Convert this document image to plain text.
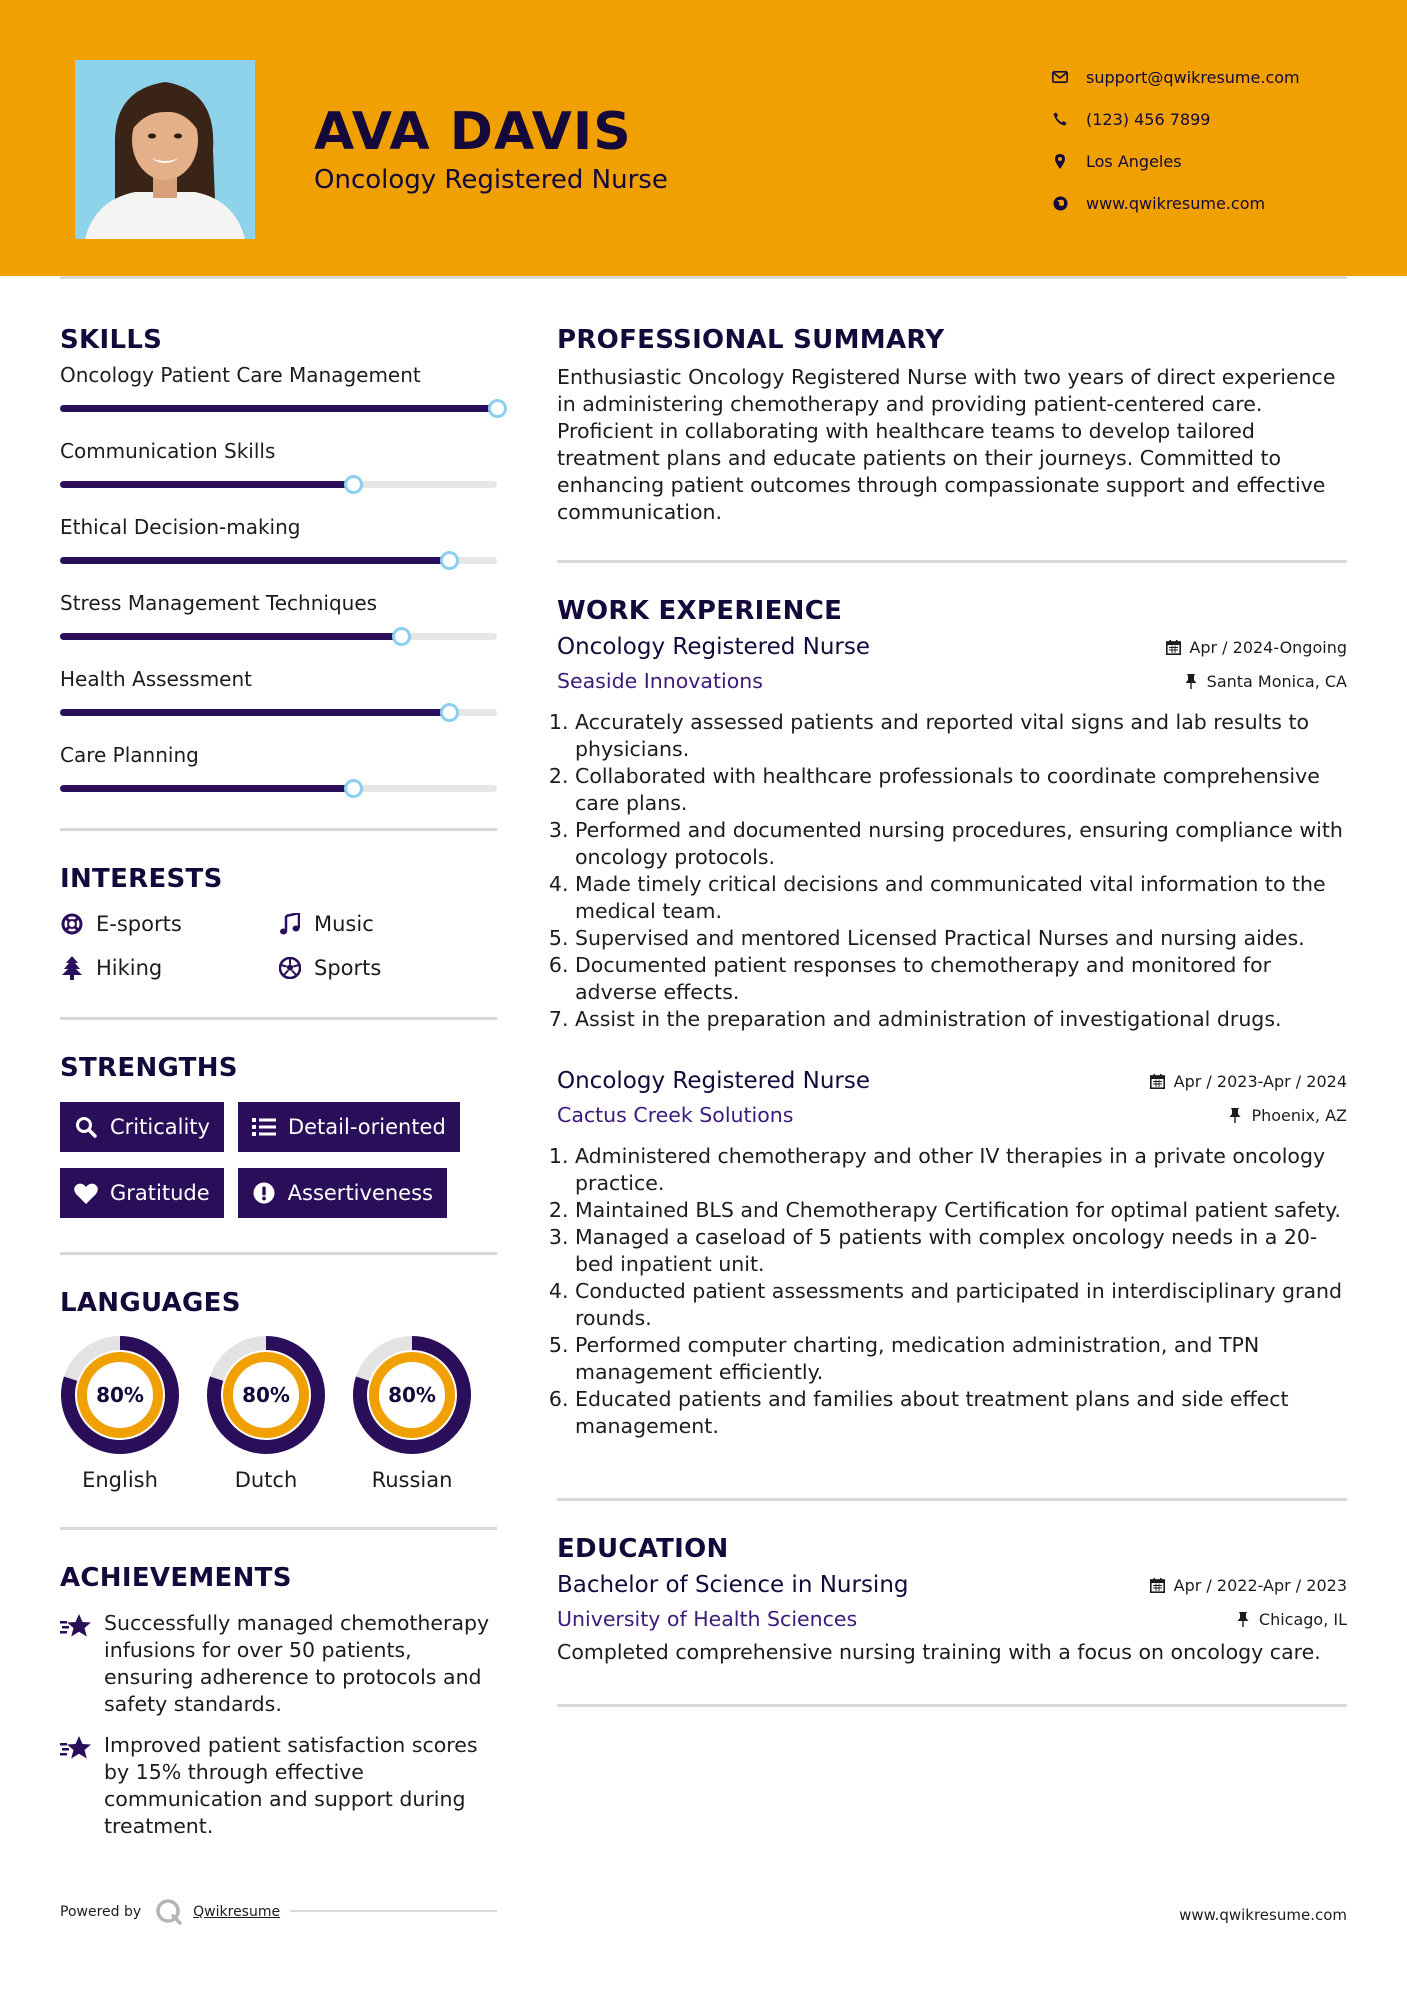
AVA DAVIS
Oncology Registered Nurse
support@qwikresume.com
(123) 456 7899
Los Angeles
www.qwikresume.com
SKILLS
Oncology Patient Care Management
Communication Skills
Ethical Decision-making
Stress Management Techniques
Health Assessment
Care Planning
INTERESTS
E-sports	Music
Hiking	Sports
STRENGTHS
Criticality	Detail-oriented
Gratitude	Assertiveness
LANGUAGES
80%
English
80%
Dutch
80%
Russian
ACHIEVEMENTS
Successfully managed chemotherapy infusions for over 50 patients, ensuring adherence to protocols and safety standards.
Improved patient satisfaction scores by 15% through effective communication and support during treatment.
PROFESSIONAL SUMMARY
Enthusiastic Oncology Registered Nurse with two years of direct experience in administering chemotherapy and providing patient-centered care. Proficient in collaborating with healthcare teams to develop tailored treatment plans and educate patients on their journeys. Committed to enhancing patient outcomes through compassionate support and effective communication.
WORK EXPERIENCE
Oncology Registered Nurse	Apr / 2024-Ongoing
Seaside Innovations	Santa Monica, CA
1. Accurately assessed patients and reported vital signs and lab results to physicians.
2. Collaborated with healthcare professionals to coordinate comprehensive care plans.
3. Performed and documented nursing procedures, ensuring compliance with oncology protocols.
4. Made timely critical decisions and communicated vital information to the medical team.
5. Supervised and mentored Licensed Practical Nurses and nursing aides.
6. Documented patient responses to chemotherapy and monitored for adverse effects.
7. Assist in the preparation and administration of investigational drugs.
Oncology Registered Nurse	Apr / 2023-Apr / 2024
Cactus Creek Solutions	Phoenix, AZ
1. Administered chemotherapy and other IV therapies in a private oncology practice.
2. Maintained BLS and Chemotherapy Certification for optimal patient safety.
3. Managed a caseload of 5 patients with complex oncology needs in a 20-bed inpatient unit.
4. Conducted patient assessments and participated in interdisciplinary grand rounds.
5. Performed computer charting, medication administration, and TPN management efficiently.
6. Educated patients and families about treatment plans and side effect management.
EDUCATION
Bachelor of Science in Nursing	Apr / 2022-Apr / 2023
University of Health Sciences	Chicago, IL
Completed comprehensive nursing training with a focus on oncology care.
Powered by	Qwikresume	www.qwikresume.com
